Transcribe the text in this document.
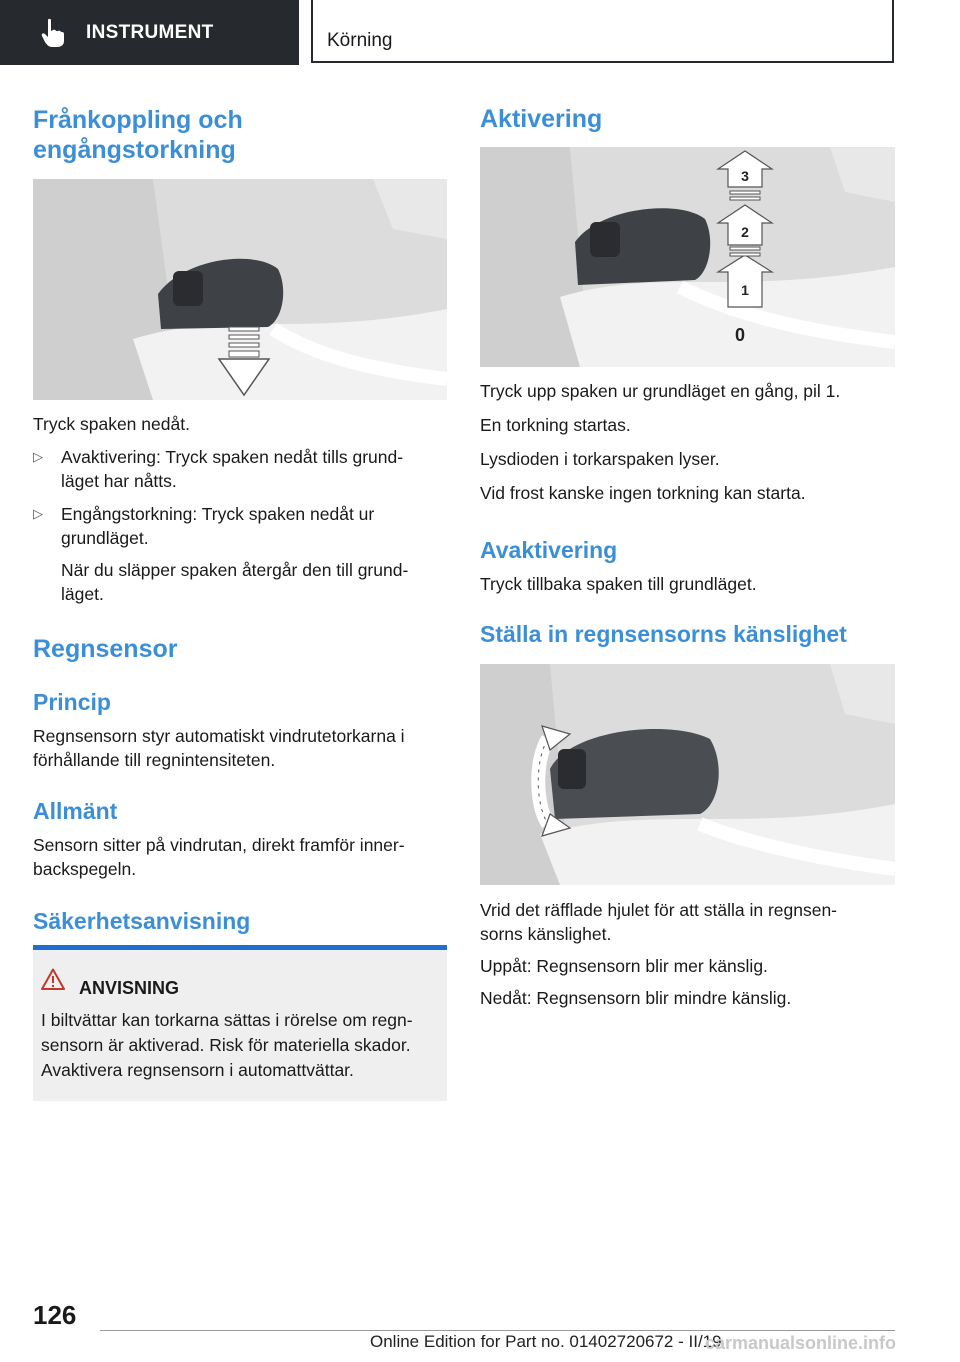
INSTRUMENT	Körning
Frånkoppling och
engångstorkning

Tryck spaken nedåt.

▷ Avaktivering: Tryck spaken nedåt tills grund-
läget har nåtts.
▷ Engångstorkning: Tryck spaken nedåt ur
grundläget.
När du släpper spaken återgår den till grund-
läget.
Regnsensor
Princip

Regnsensorn styr automatiskt vindrutetorkarna i
förhållande till regnintensiteten.

Allmänt

Sensorn sitter på vindrutan, direkt framför inner-
backspegeln.

Säkerhetsanvisning
ANVISNING
I biltvättar kan torkarna sättas i rörelse om regn-
sensorn är aktiverad. Risk för materiella skador.
Avaktivera regnsensorn i automattvättar.
Aktivering
3
2
1
0

Tryck upp spaken ur grundläget en gång, pil 1.

En torkning startas.

Lysdioden i torkarspaken lyser.

Vid frost kanske ingen torkning kan starta.

Avaktivering

Tryck tillbaka spaken till grundläget.

Ställa in regnsensorns känslighet

Vrid det räfflade hjulet för att ställa in regnsen-
sorns känslighet.

Uppåt: Regnsensorn blir mer känslig.

Nedåt: Regnsensorn blir mindre känslig.

126
Online Edition for Part no. 01402720672 - II/19
carmanualsonline.info
